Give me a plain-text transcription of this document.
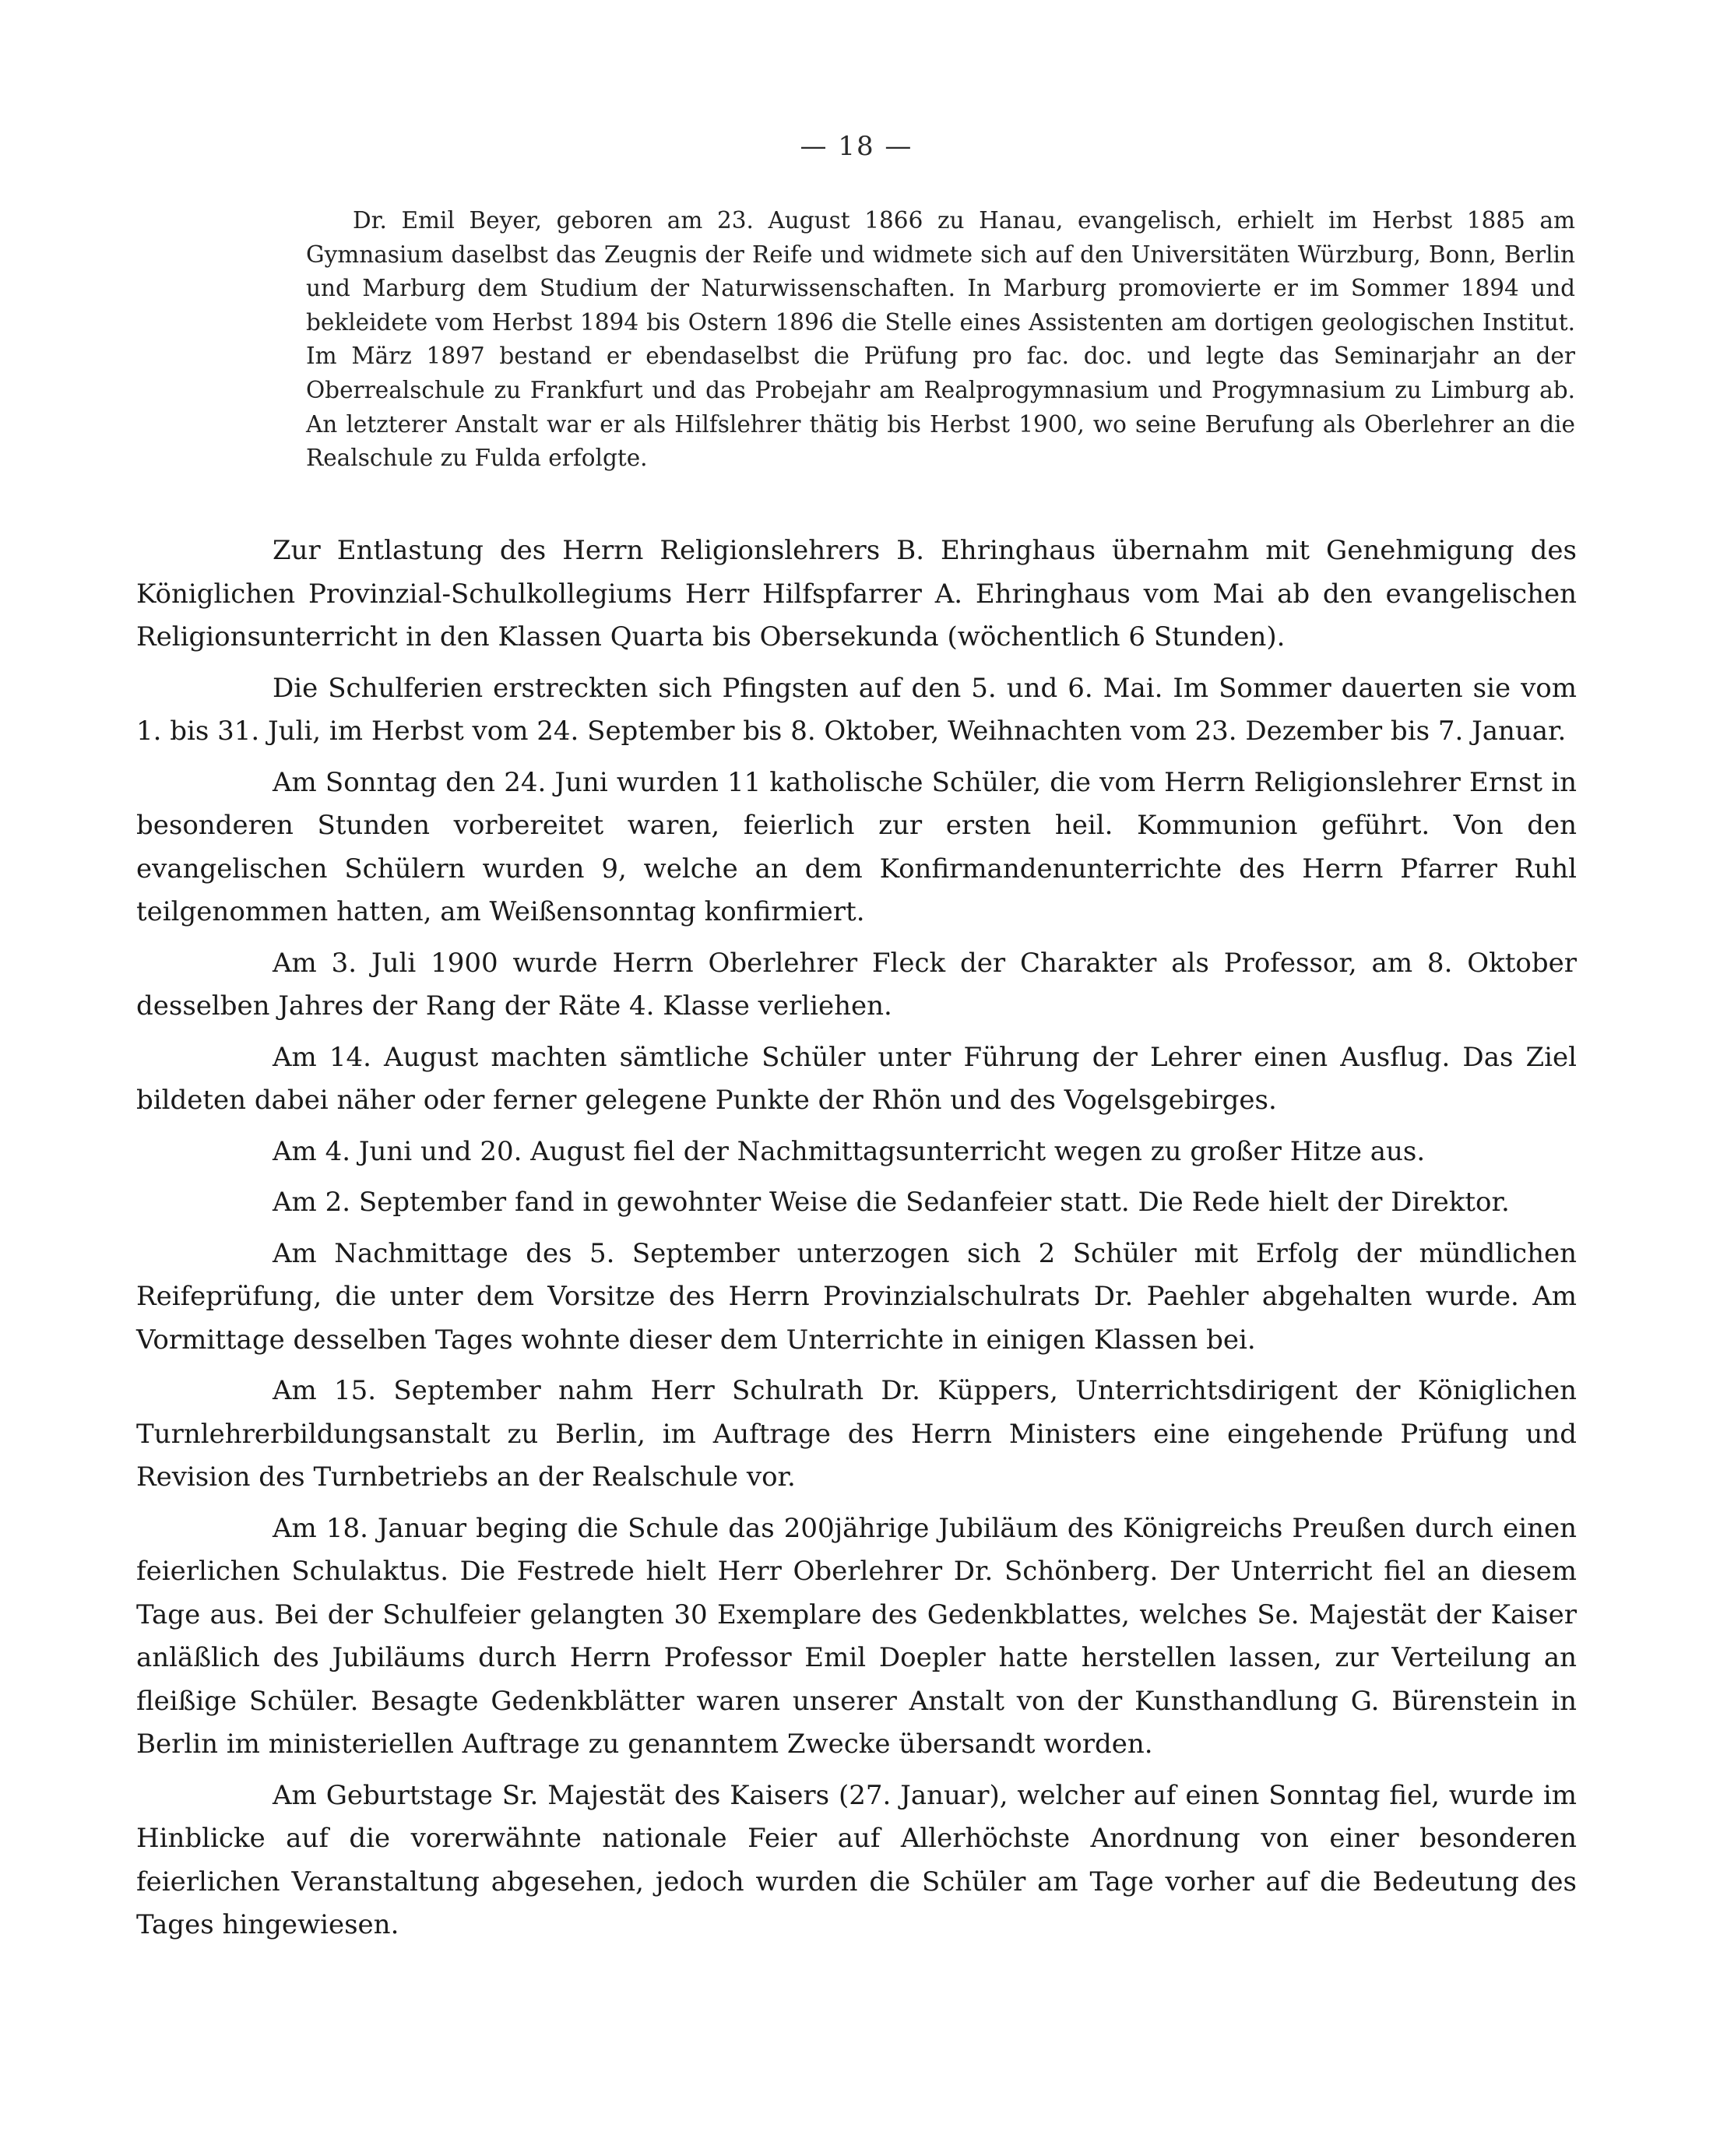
— 18 —

Dr. Emil Beyer, geboren am 23. August 1866 zu Hanau, evangelisch, erhielt im Herbst 1885 am Gymnasium daselbst das Zeugnis der Reife und widmete sich auf den Universitäten Würzburg, Bonn, Berlin und Marburg dem Studium der Naturwissenschaften. In Marburg promovierte er im Sommer 1894 und bekleidete vom Herbst 1894 bis Ostern 1896 die Stelle eines Assistenten am dortigen geologischen Institut. Im März 1897 bestand er ebendaselbst die Prüfung pro fac. doc. und legte das Seminarjahr an der Oberrealschule zu Frankfurt und das Probejahr am Realprogymnasium und Progymnasium zu Limburg ab. An letzterer Anstalt war er als Hilfslehrer thätig bis Herbst 1900, wo seine Berufung als Oberlehrer an die Realschule zu Fulda erfolgte.

Zur Entlastung des Herrn Religionslehrers B. Ehringhaus übernahm mit Genehmigung des Königlichen Provinzial-Schulkollegiums Herr Hilfspfarrer A. Ehringhaus vom Mai ab den evangelischen Religionsunterricht in den Klassen Quarta bis Obersekunda (wöchentlich 6 Stunden).

Die Schulferien erstreckten sich Pfingsten auf den 5. und 6. Mai. Im Sommer dauerten sie vom 1. bis 31. Juli, im Herbst vom 24. September bis 8. Oktober, Weihnachten vom 23. Dezember bis 7. Januar.

Am Sonntag den 24. Juni wurden 11 katholische Schüler, die vom Herrn Religionslehrer Ernst in besonderen Stunden vorbereitet waren, feierlich zur ersten heil. Kommunion geführt. Von den evangelischen Schülern wurden 9, welche an dem Konfirmandenunterrichte des Herrn Pfarrer Ruhl teilgenommen hatten, am Weißensonntag konfirmiert.

Am 3. Juli 1900 wurde Herrn Oberlehrer Fleck der Charakter als Professor, am 8. Oktober desselben Jahres der Rang der Räte 4. Klasse verliehen.

Am 14. August machten sämtliche Schüler unter Führung der Lehrer einen Ausflug. Das Ziel bildeten dabei näher oder ferner gelegene Punkte der Rhön und des Vogelsgebirges.

Am 4. Juni und 20. August fiel der Nachmittagsunterricht wegen zu großer Hitze aus.

Am 2. September fand in gewohnter Weise die Sedanfeier statt. Die Rede hielt der Direktor.

Am Nachmittage des 5. September unterzogen sich 2 Schüler mit Erfolg der mündlichen Reifeprüfung, die unter dem Vorsitze des Herrn Provinzialschulrats Dr. Paehler abgehalten wurde. Am Vormittage desselben Tages wohnte dieser dem Unterrichte in einigen Klassen bei.

Am 15. September nahm Herr Schulrath Dr. Küppers, Unterrichtsdirigent der Königlichen Turnlehrerbildungsanstalt zu Berlin, im Auftrage des Herrn Ministers eine eingehende Prüfung und Revision des Turnbetriebs an der Realschule vor.

Am 18. Januar beging die Schule das 200jährige Jubiläum des Königreichs Preußen durch einen feierlichen Schulaktus. Die Festrede hielt Herr Oberlehrer Dr. Schönberg. Der Unterricht fiel an diesem Tage aus. Bei der Schulfeier gelangten 30 Exemplare des Gedenkblattes, welches Se. Majestät der Kaiser anläßlich des Jubiläums durch Herrn Professor Emil Doepler hatte herstellen lassen, zur Verteilung an fleißige Schüler. Besagte Gedenkblätter waren unserer Anstalt von der Kunsthandlung G. Bürenstein in Berlin im ministeriellen Auftrage zu genanntem Zwecke übersandt worden.

Am Geburtstage Sr. Majestät des Kaisers (27. Januar), welcher auf einen Sonntag fiel, wurde im Hinblicke auf die vorerwähnte nationale Feier auf Allerhöchste Anordnung von einer besonderen feierlichen Veranstaltung abgesehen, jedoch wurden die Schüler am Tage vorher auf die Bedeutung des Tages hingewiesen.
